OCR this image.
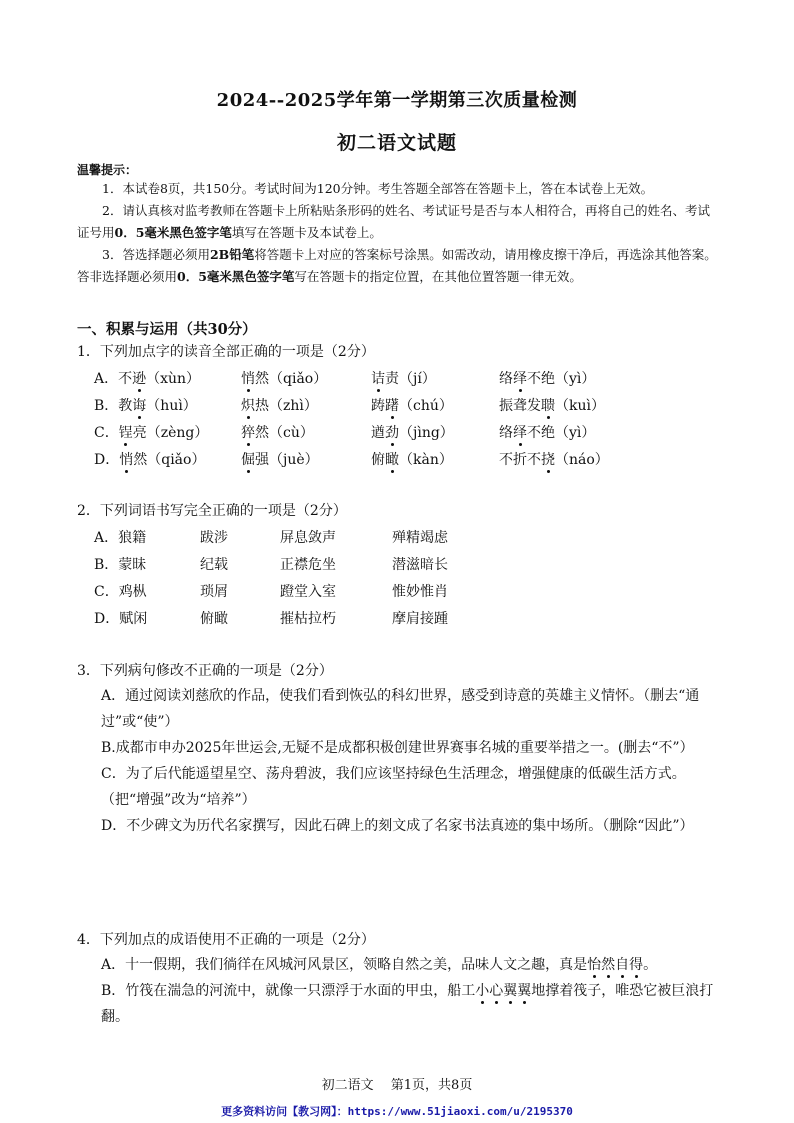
2024--2025学年第一学期第三次质量检测
初二语文试题
温馨提示：

1．本试卷8页，共150分。考试时间为120分钟。考生答题全部答在答题卡上，答在本试卷上无效。

2．请认真核对监考教师在答题卡上所粘贴条形码的姓名、考试证号是否与本人相符合，再将自己的姓名、考试证号用0．5毫米黑色签字笔填写在答题卡及本试卷上。

3．答选择题必须用2B铅笔将答题卡上对应的答案标号涂黑。如需改动，请用橡皮擦干净后，再选涂其他答案。答非选择题必须用0．5毫米黑色签字笔写在答题卡的指定位置，在其他位置答题一律无效。

一、积累与运用（共30分）
1．下列加点字的读音全部正确的一项是（2分）
A．不逊（xùn）	悄然（qiǎo）	诘责（jí）	络绎不绝（yì）
B．教诲（huì）	炽热（zhì）	踌躇（chú）	振聋发聩（kuì）
C．锃亮（zèng）	猝然（cù）	遒劲（jìng）	络绎不绝（yì）
D．悄然（qiǎo）	倔强（juè）	俯瞰（kàn）	不折不挠（náo）
2．下列词语书写完全正确的一项是（2分）
A．狼籍	跋涉	屏息敛声	殚精竭虑
B．蒙昧	纪载	正襟危坐	潜滋暗长
C．鸡枞	琐屑	蹬堂入室	惟妙惟肖
D．赋闲	俯瞰	摧枯拉朽	摩肩接踵
3．下列病句修改不正确的一项是（2分）
A．通过阅读刘慈欣的作品，使我们看到恢弘的科幻世界，感受到诗意的英雄主义情怀。（删去“通过”或“使”）
B.成都市申办2025年世运会,无疑不是成都积极创建世界赛事名城的重要举措之一。(删去“不”）
C．为了后代能遥望星空、荡舟碧波，我们应该坚持绿色生活理念，增强健康的低碳生活方式。（把“增强”改为“培养”）
D．不少碑文为历代名家撰写，因此石碑上的刻文成了名家书法真迹的集中场所。（删除“因此”）
4．下列加点的成语使用不正确的一项是（2分）
A．十一假期，我们徜徉在风城河风景区，领略自然之美，品味人文之趣，真是怡然自得。
B．竹筏在湍急的河流中，就像一只漂浮于水面的甲虫，船工小心翼翼地撑着筏子，唯恐它被巨浪打翻。
初二语文　 第1页，共8页
更多资料访问【教习网】：https://www.51jiaoxi.com/u/2195370
